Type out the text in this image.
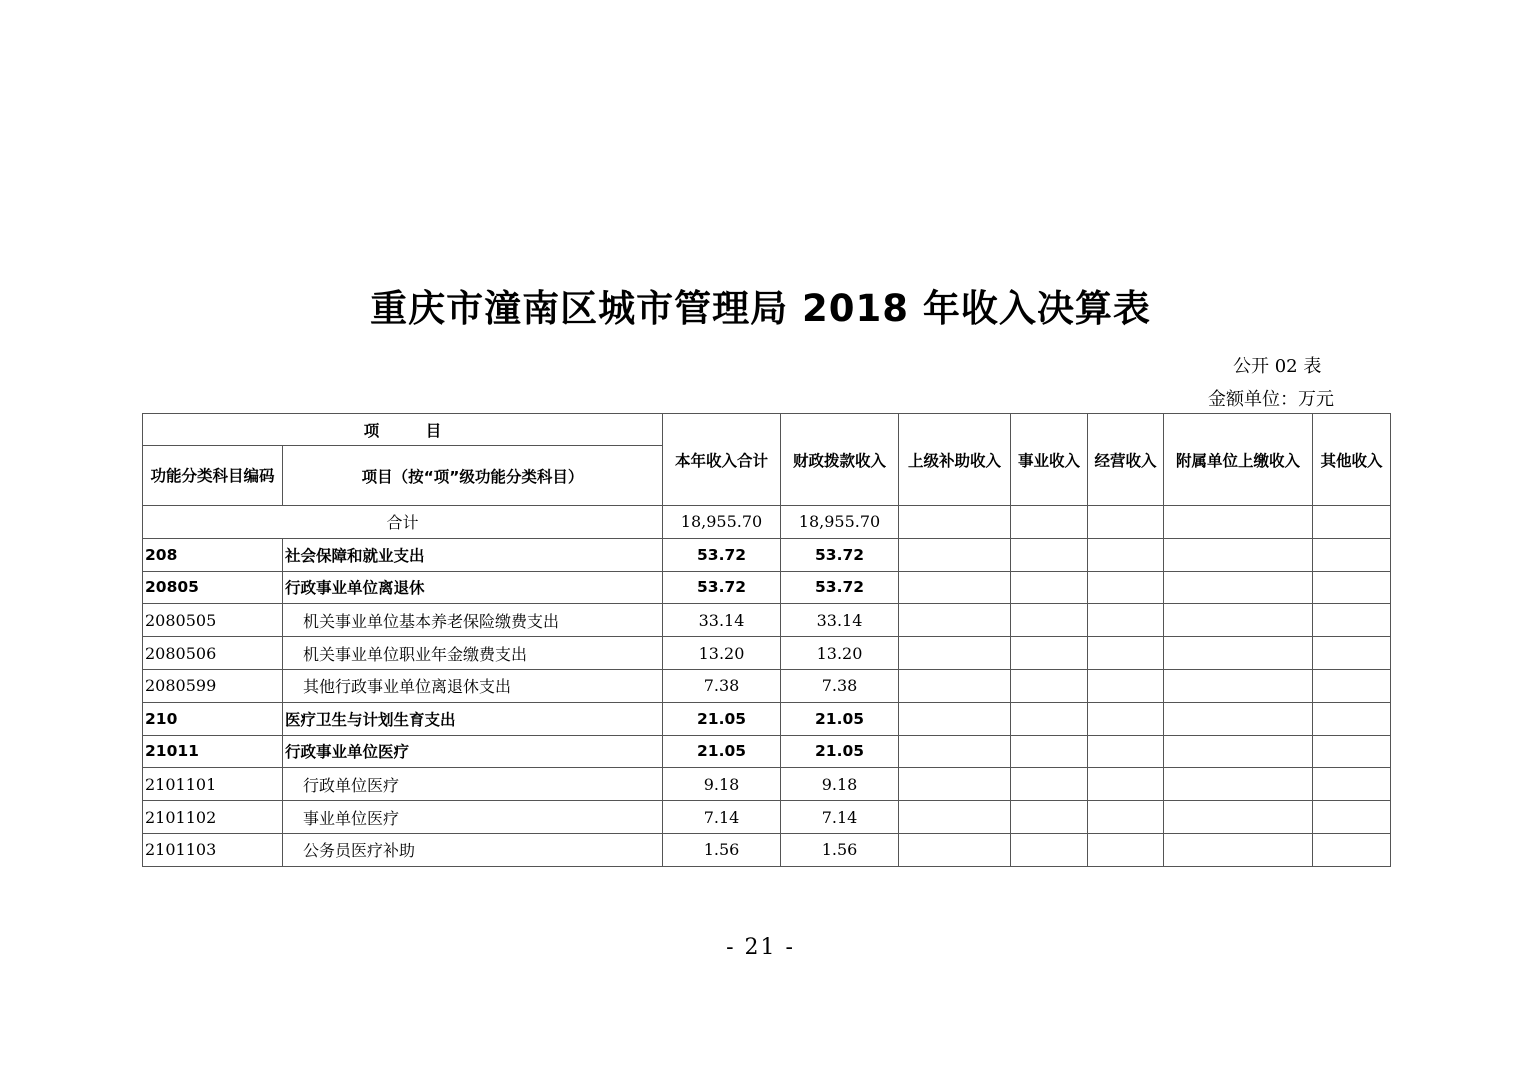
重庆市潼南区城市管理局 2018 年收入决算表
公开 02 表
金额单位：万元
项　　　目		本年收入合计	财政拨款收入	上级补助收入	事业收入	经营收入	附属单位上缴收入	其他收入
功能分类科目编码	项目（按“项”级功能分类科目）							
合计		18,955.70	18,955.70					
208	社会保障和就业支出	53.72	53.72					
20805	行政事业单位离退休	53.72	53.72					
2080505	机关事业单位基本养老保险缴费支出	33.14	33.14					
2080506	机关事业单位职业年金缴费支出	13.20	13.20					
2080599	其他行政事业单位离退休支出	7.38	7.38					
210	医疗卫生与计划生育支出	21.05	21.05					
21011	行政事业单位医疗	21.05	21.05					
2101101	行政单位医疗	9.18	9.18					
2101102	事业单位医疗	7.14	7.14					
2101103	公务员医疗补助	1.56	1.56					
- 21 -
